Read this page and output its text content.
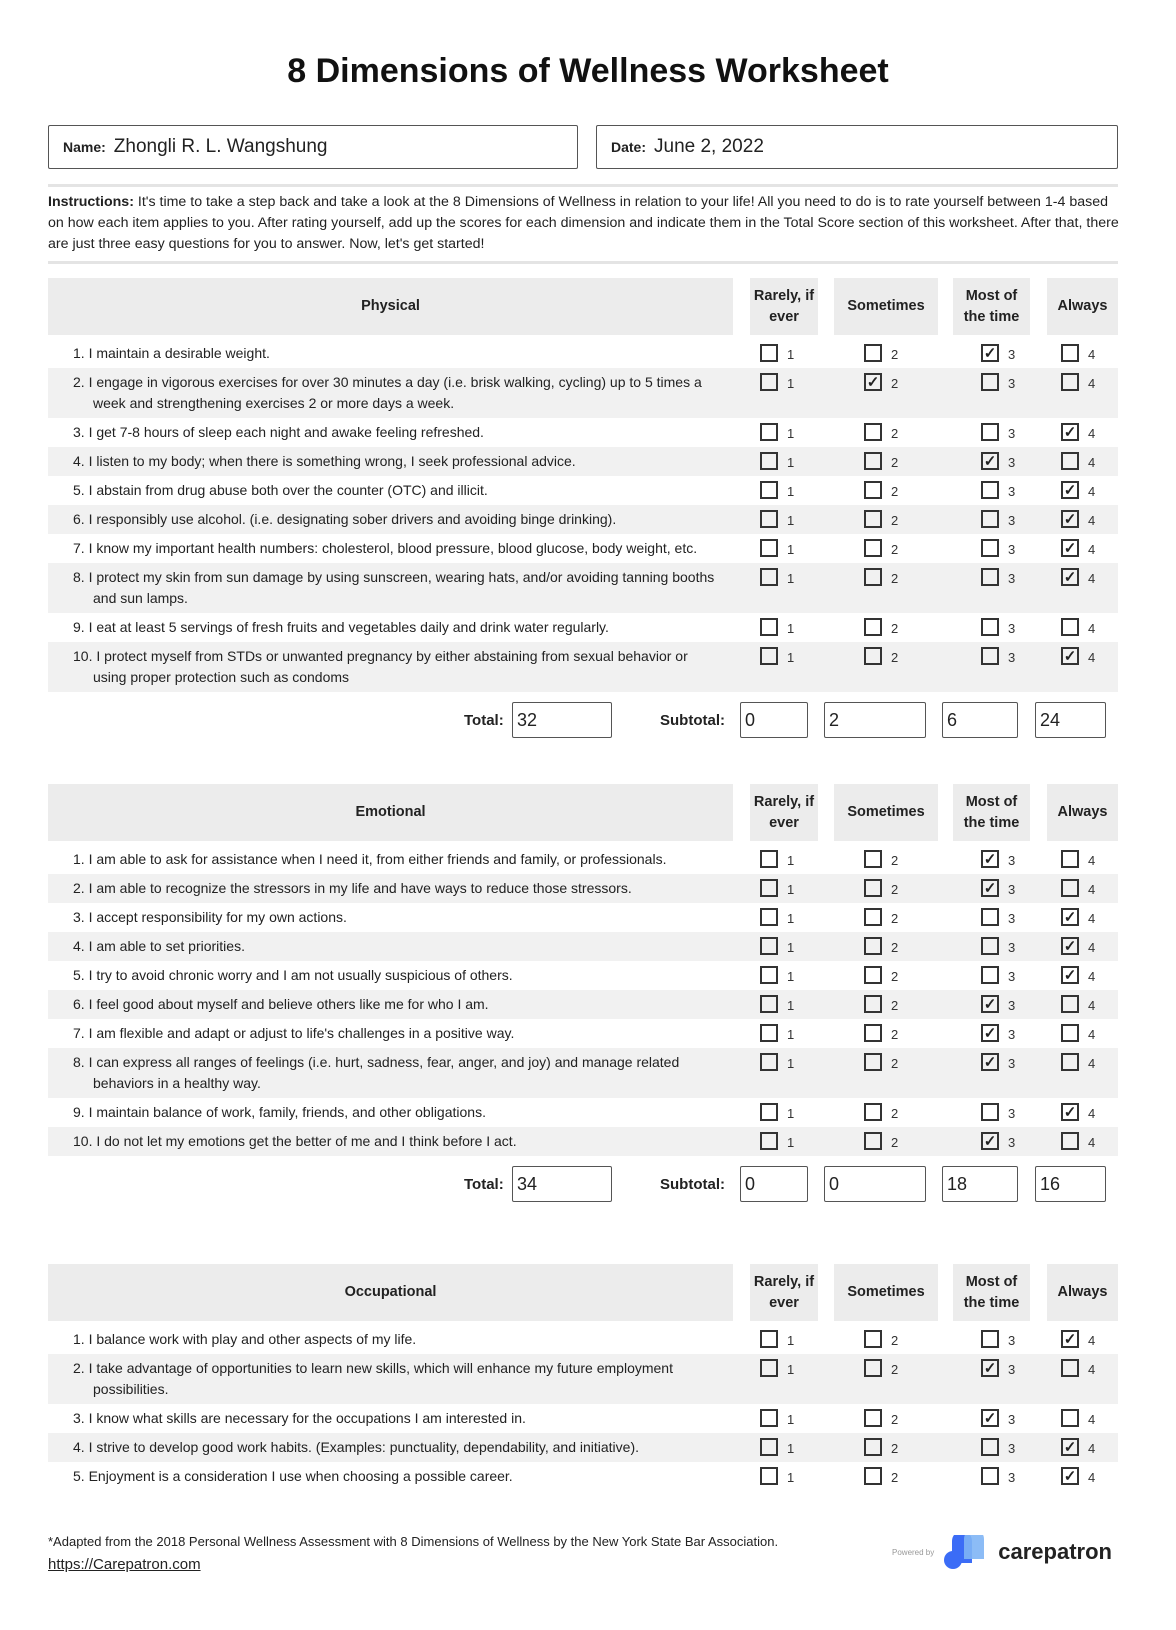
8 Dimensions of Wellness Worksheet
Name: Zhongli R. L. Wangshung	Date: June 2, 2022
Instructions: It's time to take a step back and take a look at the 8 Dimensions of Wellness in relation to your life! All you need to do is to rate yourself between 1-4 based on how each item applies to you. After rating yourself, add up the scores for each dimension and indicate them in the Total Score section of this worksheet. After that, there are just three easy questions for you to answer. Now, let's get started!
Physical
Rarely, if ever
Sometimes
Most of the time
Always
1. I maintain a desirable weight.	1	2	✓ 3	4
2. I engage in vigorous exercises for over 30 minutes a day (i.e. brisk walking, cycling) up to 5 times a week and strengthening exercises 2 or more days a week.
1	✓ 2	3	4
3. I get 7-8 hours of sleep each night and awake feeling refreshed.	1	2	3	✓ 4
4. I listen to my body; when there is something wrong, I seek professional advice.	1	2	✓ 3	4
5. I abstain from drug abuse both over the counter (OTC) and illicit.	1	2	3	✓ 4
6. I responsibly use alcohol. (i.e. designating sober drivers and avoiding binge drinking).	1	2	3	✓ 4
7. I know my important health numbers: cholesterol, blood pressure, blood glucose, body weight, etc.	1	2	3	✓ 4
8. I protect my skin from sun damage by using sunscreen, wearing hats, and/or avoiding tanning booths and sun lamps.
1	2	3	✓ 4
9. I eat at least 5 servings of fresh fruits and vegetables daily and drink water regularly.	1	2	3	4
10. I protect myself from STDs or unwanted pregnancy by either abstaining from sexual behavior or using proper protection such as condoms
1	2	3	✓ 4
Total: 32	Subtotal:	0	2	6	24
Emotional
Rarely, if ever
Sometimes
Most of the time
Always
1. I am able to ask for assistance when I need it, from either friends and family, or professionals.	1	2	✓ 3	4
2. I am able to recognize the stressors in my life and have ways to reduce those stressors.	1	2	✓ 3	4
3. I accept responsibility for my own actions.	1	2	3	✓ 4
4. I am able to set priorities.	1	2	3	✓ 4
5. I try to avoid chronic worry and I am not usually suspicious of others.	1	2	3	✓ 4
6. I feel good about myself and believe others like me for who I am.	1	2	✓ 3	4
7. I am flexible and adapt or adjust to life's challenges in a positive way.	1	2	✓ 3	4
8. I can express all ranges of feelings (i.e. hurt, sadness, fear, anger, and joy) and manage related behaviors in a healthy way.
1	2	✓ 3	4
9. I maintain balance of work, family, friends, and other obligations.	1	2	3	✓ 4
10. I do not let my emotions get the better of me and I think before I act.	1	2	✓ 3	4
Total: 34	Subtotal:	0	0	18	16
Occupational
Rarely, if ever
Sometimes
Most of the time
Always
1. I balance work with play and other aspects of my life.	1	2	3	✓ 4
2. I take advantage of opportunities to learn new skills, which will enhance my future employment possibilities.
1	2	✓ 3	4
3. I know what skills are necessary for the occupations I am interested in.	1	2	✓ 3	4
4. I strive to develop good work habits. (Examples: punctuality, dependability, and initiative).	1	2	3	✓ 4
5. Enjoyment is a consideration I use when choosing a possible career.	1	2	3	✓ 4
*Adapted from the 2018 Personal Wellness Assessment with 8 Dimensions of Wellness by the New York State Bar Association.
https://Carepatron.com
Powered by	carepatron
